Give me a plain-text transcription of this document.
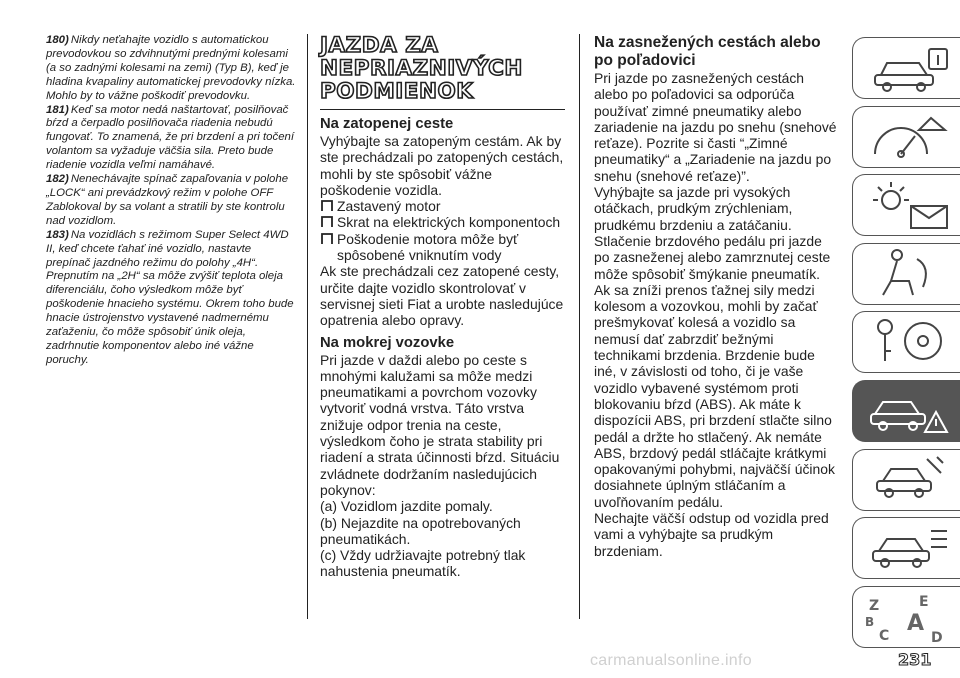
180) Nikdy neťahajte vozidlo s automatickou prevodovkou so zdvihnutými prednými kolesami (a so zadnými kolesami na zemi) (Typ B), keď je hladina kvapaliny automatickej prevodovky nízka. Mohlo by to vážne poškodiť prevodovku.

181) Keď sa motor nedá naštartovať, posilňovač bŕzd a čerpadlo posilňovača riadenia nebudú fungovať. To znamená, že pri brzdení a pri točení volantom sa vyžaduje väčšia sila. Preto bude riadenie vozidla veľmi namáhavé.

182) Nenechávajte spínač zapaľovania v polohe „LOCK“ ani prevádzkový režim v polohe OFF Zablokoval by sa volant a stratili by ste kontrolu nad vozidlom.

183) Na vozidlách s režimom Super Select 4WD II, keď chcete ťahať iné vozidlo, nastavte prepínač jazdného režimu do polohy „4H“. Prepnutím na „2H“ sa môže zvýšiť teplota oleja diferenciálu, čoho výsledkom môže byť poškodenie hnacieho systému. Okrem toho bude hnacie ústrojenstvo vystavené nadmernému zaťaženiu, čo môže spôsobiť únik oleja, zadrhnutie komponentov alebo iné vážne poruchy.

JAZDA ZA NEPRIAZNIVÝCH PODMIENOK
Na zatopenej ceste

Vyhýbajte sa zatopeným cestám. Ak by ste prechádzali po zatopených cestách, mohli by ste spôsobiť vážne poškodenie vozidla.

Zastavený motor
Skrat na elektrických komponentoch
Poškodenie motora môže byť spôsobené vniknutím vody

Ak ste prechádzali cez zatopené cesty, určite dajte vozidlo skontrolovať v servisnej sieti Fiat a urobte nasledujúce opatrenia alebo opravy.

Na mokrej vozovke

Pri jazde v daždi alebo po ceste s mnohými kalužami sa môže medzi pneumatikami a povrchom vozovky vytvoriť vodná vrstva. Táto vrstva znižuje odpor trenia na ceste, výsledkom čoho je strata stability pri riadení a strata účinnosti bŕzd. Situáciu zvládnete dodržaním nasledujúcich pokynov:

(a) Vozidlom jazdite pomaly.

(b) Nejazdite na opotrebovaných pneumatikách.

(c) Vždy udržiavajte potrebný tlak nahustenia pneumatík.

Na zasnežených cestách alebo po poľadovici

Pri jazde po zasnežených cestách alebo po poľadovici sa odporúča používať zimné pneumatiky alebo zariadenie na jazdu po snehu (snehové reťaze). Pozrite si časti “„Zimné pneumatiky“ a „Zariadenie na jazdu po snehu (snehové reťaze)”.

Vyhýbajte sa jazde pri vysokých otáčkach, prudkým zrýchleniam, prudkému brzdeniu a zatáčaniu.

Stlačenie brzdového pedálu pri jazde po zasneženej alebo zamrznutej ceste môže spôsobiť šmýkanie pneumatík. Ak sa zníži prenos ťažnej sily medzi kolesom a vozovkou, mohli by začať prešmykovať kolesá a vozidlo sa nemusí dať zabrzdiť bežnými technikami brzdenia. Brzdenie bude iné, v závislosti od toho, či je vaše vozidlo vybavené systémom proti blokovaniu bŕzd (ABS). Ak máte k dispozícii ABS, pri brzdení stlačte silno pedál a držte ho stlačený. Ak nemáte ABS, brzdový pedál stláčajte krátkymi opakovanými pohybmi, najväčší účinok dosiahnete úplným stláčaním a uvoľňovaním pedálu.

Nechajte väčší odstup od vozidla pred vami a vyhýbajte sa prudkým brzdeniam.

Z	E
B A
C	D
carmanualsonline.info	231
